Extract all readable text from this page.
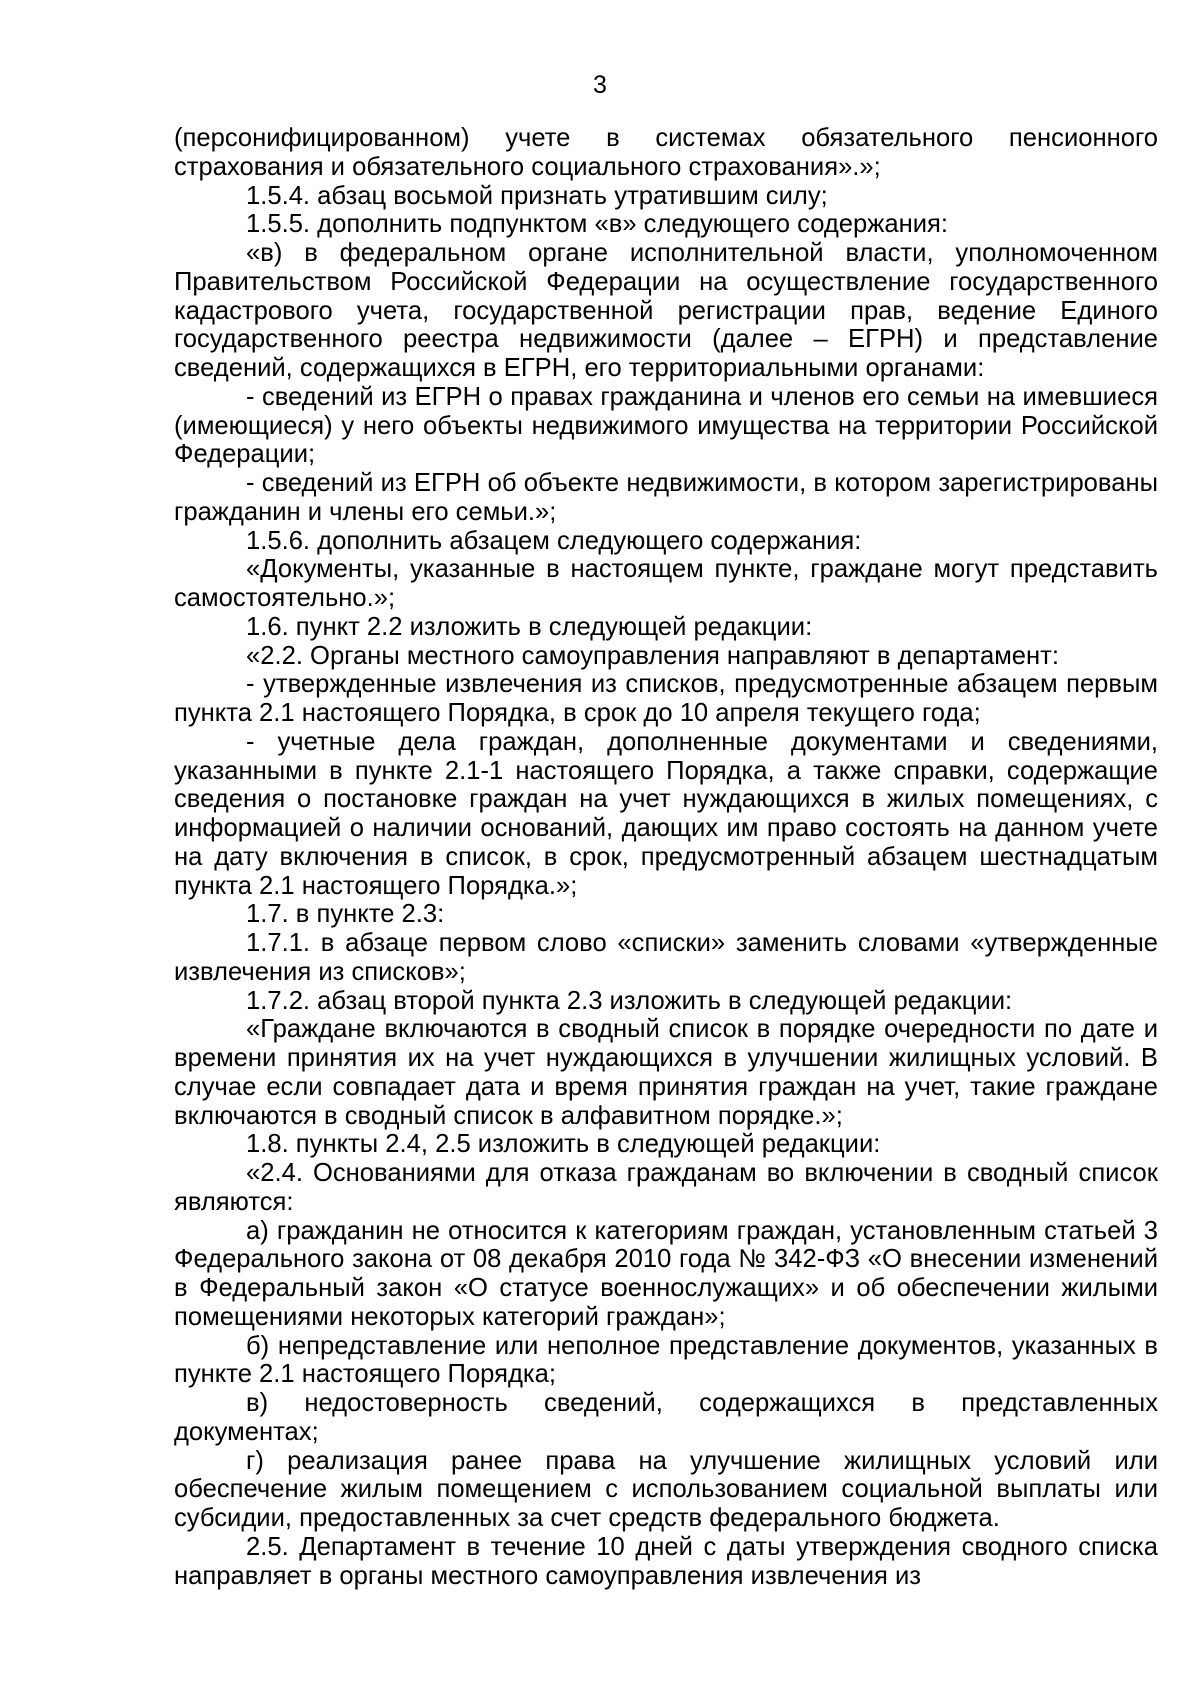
3

(персонифицированном) учете в системах обязательного пенсионного страхования и обязательного социального страхования».»;

1.5.4. абзац восьмой признать утратившим силу;

1.5.5. дополнить подпунктом «в» следующего содержания:

«в) в федеральном органе исполнительной власти, уполномоченном Правительством Российской Федерации на осуществление государственного кадастрового учета, государственной регистрации прав, ведение Единого государственного реестра недвижимости (далее – ЕГРН) и представление сведений, содержащихся в ЕГРН, его территориальными органами:

- сведений из ЕГРН о правах гражданина и членов его семьи на имевшиеся (имеющиеся) у него объекты недвижимого имущества на территории Российской Федерации;

- сведений из ЕГРН об объекте недвижимости, в котором зарегистрированы гражданин и члены его семьи.»;

1.5.6. дополнить абзацем следующего содержания:

«Документы, указанные в настоящем пункте, граждане могут представить самостоятельно.»;

1.6. пункт 2.2 изложить в следующей редакции:

«2.2. Органы местного самоуправления направляют в департамент:

- утвержденные извлечения из списков, предусмотренные абзацем первым пункта 2.1 настоящего Порядка, в срок до 10 апреля текущего года;

- учетные дела граждан, дополненные документами и сведениями, указанными в пункте 2.1-1 настоящего Порядка, а также справки, содержащие сведения о постановке граждан на учет нуждающихся в жилых помещениях, с информацией о наличии оснований, дающих им право состоять на данном учете на дату включения в список, в срок, предусмотренный абзацем шестнадцатым пункта 2.1 настоящего Порядка.»;

1.7. в пункте 2.3:

1.7.1. в абзаце первом слово «списки» заменить словами «утвержденные извлечения из списков»;

1.7.2. абзац второй пункта 2.3 изложить в следующей редакции:

«Граждане включаются в сводный список в порядке очередности по дате и времени принятия их на учет нуждающихся в улучшении жилищных условий. В случае если совпадает дата и время принятия граждан на учет, такие граждане включаются в сводный список в алфавитном порядке.»;

1.8. пункты 2.4, 2.5 изложить в следующей редакции:

«2.4. Основаниями для отказа гражданам во включении в сводный список являются:

а) гражданин не относится к категориям граждан, установленным статьей 3 Федерального закона от 08 декабря 2010 года № 342-ФЗ «О внесении изменений в Федеральный закон «О статусе военнослужащих» и об обеспечении жилыми помещениями некоторых категорий граждан»;

б) непредставление или неполное представление документов, указанных в пункте 2.1 настоящего Порядка;

в) недостоверность сведений, содержащихся в представленных документах;

г) реализация ранее права на улучшение жилищных условий или обеспечение жилым помещением с использованием социальной выплаты или субсидии, предоставленных за счет средств федерального бюджета.

2.5. Департамент в течение 10 дней с даты утверждения сводного списка направляет в органы местного самоуправления извлечения из
